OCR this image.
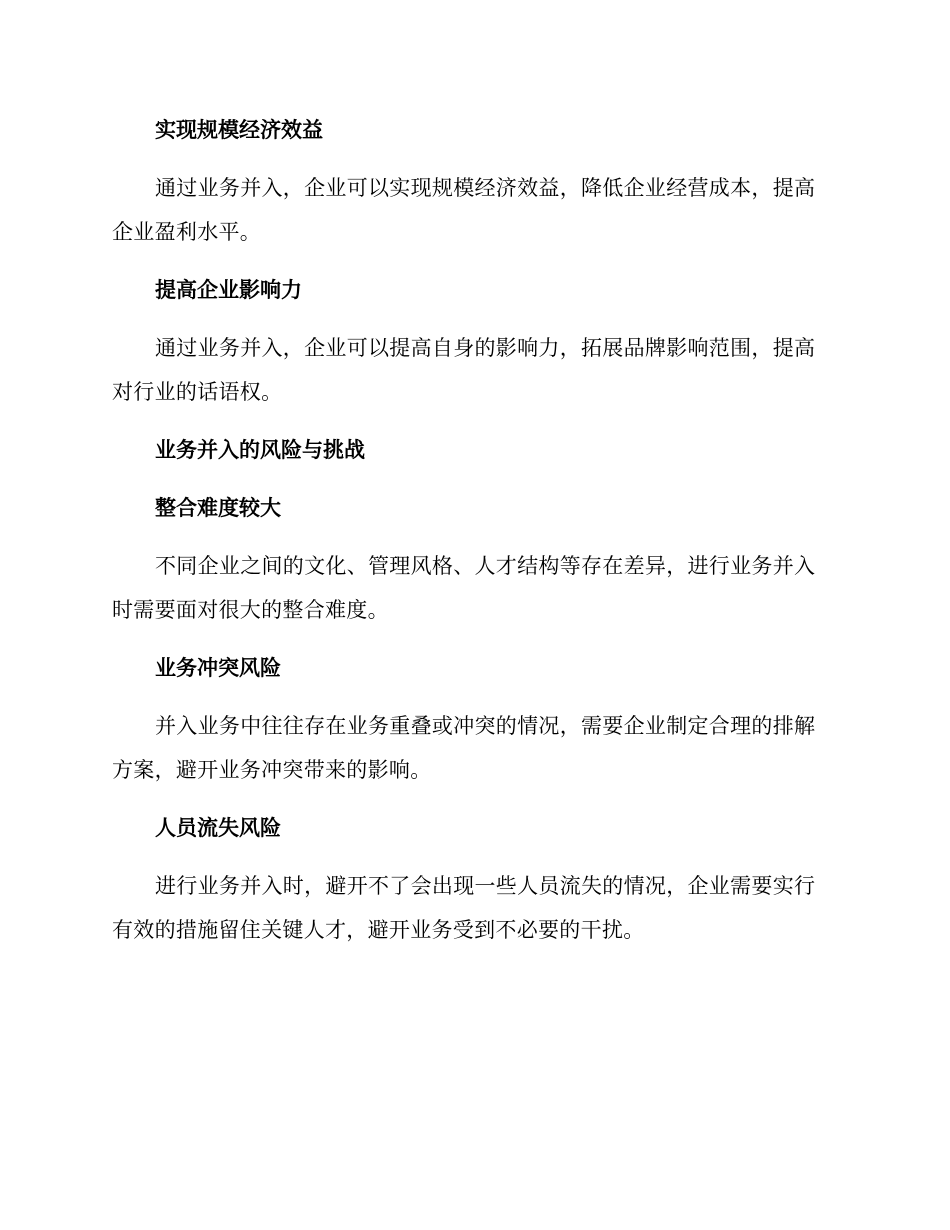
实现规模经济效益
通过业务并入，企业可以实现规模经济效益，降低企业经营成本，提高企业盈利水平。
提高企业影响力
通过业务并入，企业可以提高自身的影响力，拓展品牌影响范围，提高对行业的话语权。
业务并入的风险与挑战
整合难度较大
不同企业之间的文化、管理风格、人才结构等存在差异，进行业务并入时需要面对很大的整合难度。
业务冲突风险
并入业务中往往存在业务重叠或冲突的情况，需要企业制定合理的排解方案，避开业务冲突带来的影响。
人员流失风险
进行业务并入时，避开不了会出现一些人员流失的情况，企业需要实行有效的措施留住关键人才，避开业务受到不必要的干扰。
